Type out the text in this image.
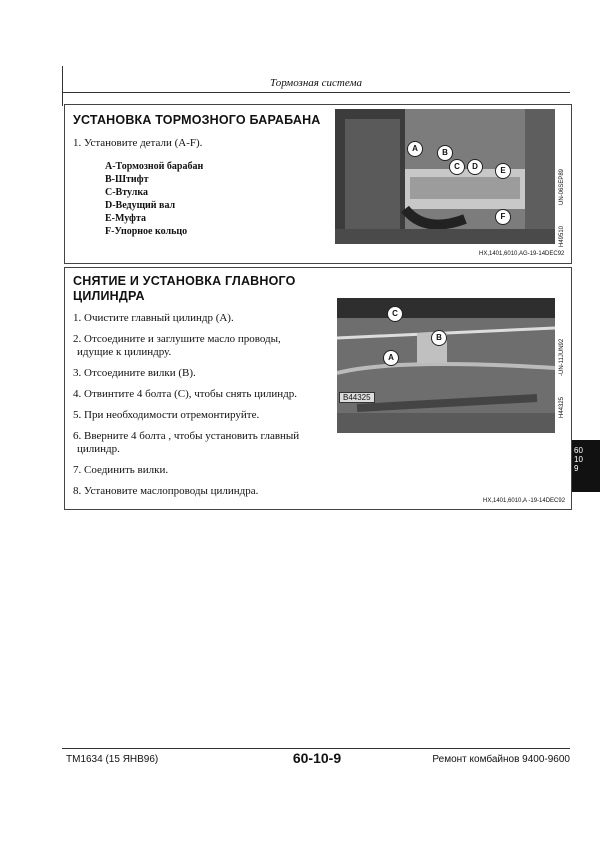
Тормозная система
УСТАНОВКА ТОРМОЗНОГО БАРАБАНА
1. Установите детали (A-F).
A-Тормозной барабан
B-Штифт
C-Втулка
D-Ведущий вал
E-Муфта
F-Упорное кольцо
A	B
C	D	E
F
UN-06SEP89
H49510
HX,1401,6010,AG-19-14DEC92
СНЯТИЕ И УСТАНОВКА ГЛАВНОГО
ЦИЛИНДРА
1. Очистите главный цилиндр (A).
2. Отсоедините и заглушите масло проводы,
идущие к цилиндру.
3. Отсоедините вилки (B).
4. Отвинтите 4 болта (C), чтобы снять цилиндр.
5. При необходимости отремонтируйте.
6. Вверните 4 болта , чтобы установить главный
цилиндр.
7. Соединить вилки.
8. Установите маслопроводы цилиндра.
C
B
A
B44325
-UN-11JUN92
H44325
HX,1401,6010,A -19-14DEC92
60
10
9
TM1634 (15 ЯНВ96)	60-10-9	Ремонт комбайнов 9400-9600
